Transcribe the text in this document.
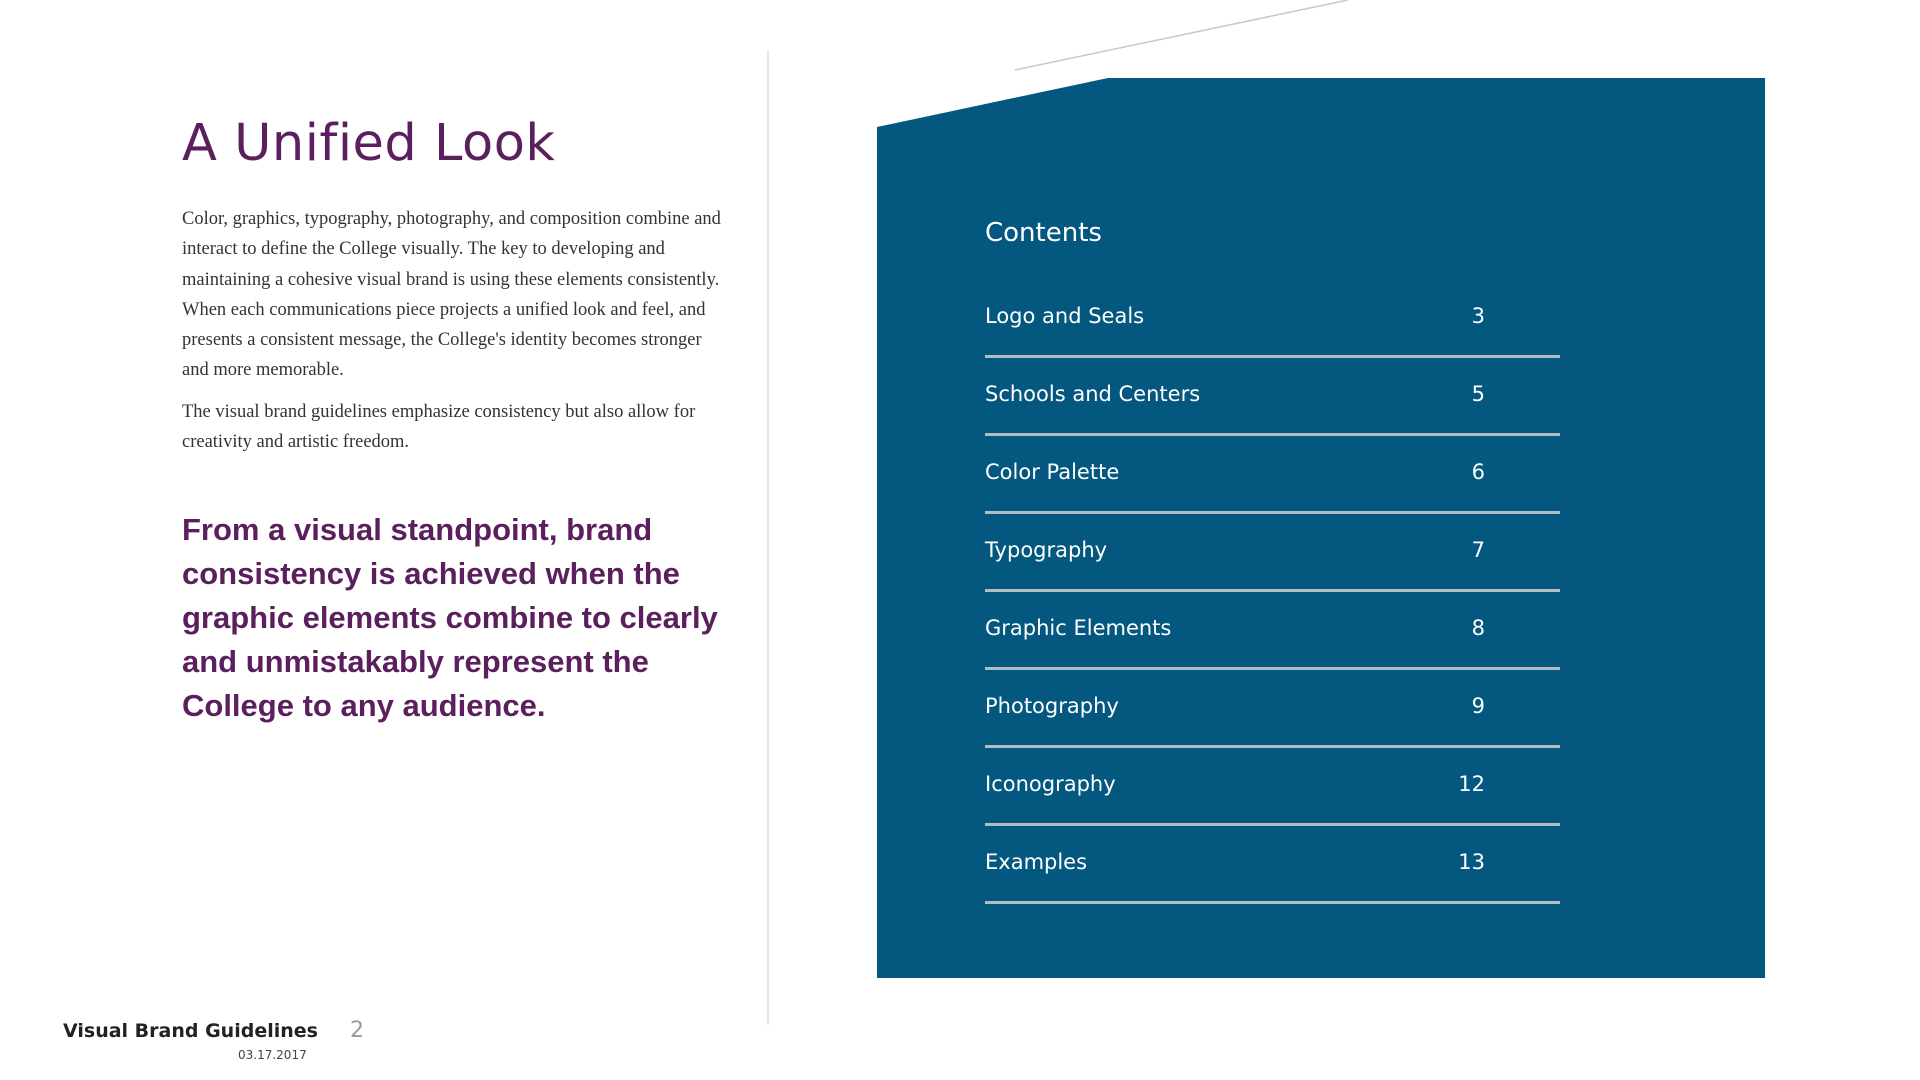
A Unified Look

Color, graphics, typography, photography, and composition combine and interact to define the College visually. The key to developing and maintaining a cohesive visual brand is using these elements consistently. When each communications piece projects a unified look and feel, and presents a consistent message, the College's identity becomes stronger and more memorable.

The visual brand guidelines emphasize consistency but also allow for creativity and artistic freedom.

From a visual standpoint, brand consistency is achieved when the graphic elements combine to clearly and unmistakably represent the College to any audience.
Visual Brand Guidelines 2
03.17.2017
Contents
Logo and Seals	3
Schools and Centers	5
Color Palette	6
Typography	7
Graphic Elements	8
Photography	9
Iconography	12
Examples	13
